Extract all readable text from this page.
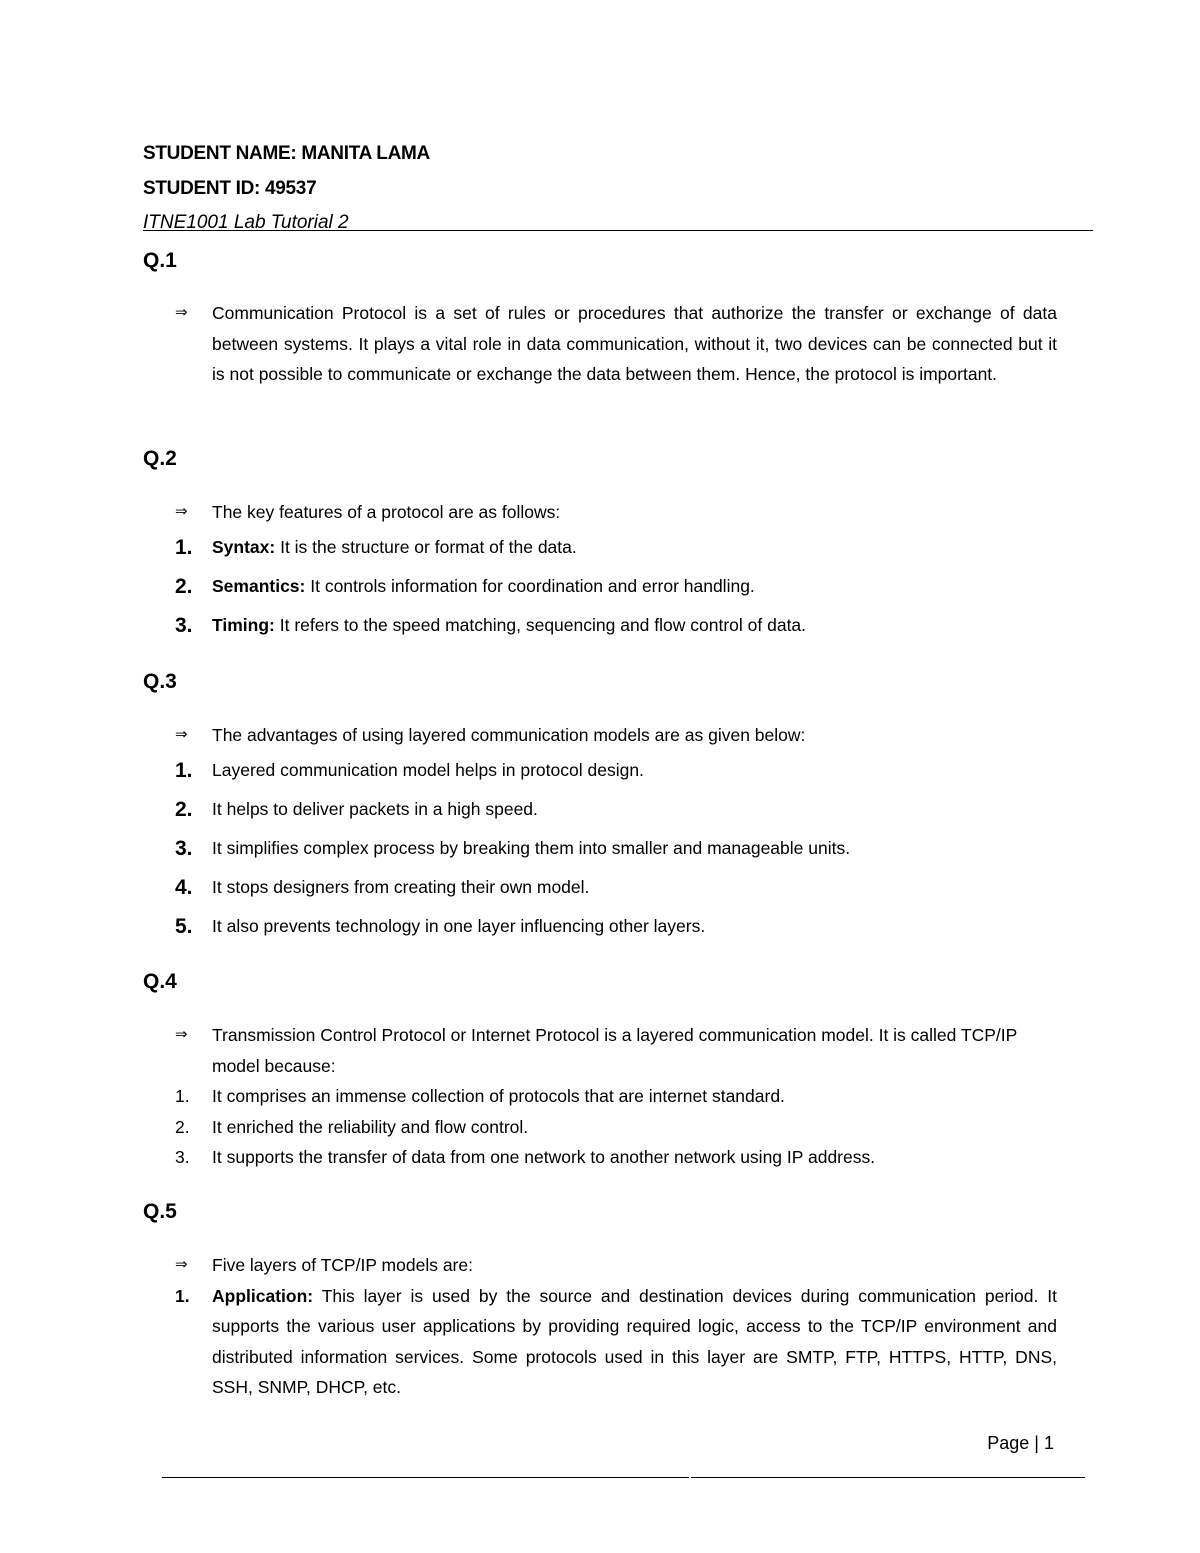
STUDENT NAME: MANITA LAMA
STUDENT ID: 49537
ITNE1001 Lab Tutorial 2
Q.1
⇒	Communication Protocol is a set of rules or procedures that authorize the transfer or exchange of data between systems. It plays a vital role in data communication, without it, two devices can be connected but it is not possible to communicate or exchange the data between them. Hence, the protocol is important.
Q.2
⇒	The key features of a protocol are as follows:
1.	Syntax: It is the structure or format of the data.
2.	Semantics: It controls information for coordination and error handling.
3.	Timing: It refers to the speed matching, sequencing and flow control of data.
Q.3
⇒	The advantages of using layered communication models are as given below:
1.	Layered communication model helps in protocol design.
2.	It helps to deliver packets in a high speed.
3.	It simplifies complex process by breaking them into smaller and manageable units.
4.	It stops designers from creating their own model.
5.	It also prevents technology in one layer influencing other layers.
Q.4
⇒	Transmission Control Protocol or Internet Protocol is a layered communication model. It is called TCP/IP model because:
1.	It comprises an immense collection of protocols that are internet standard.
2.	It enriched the reliability and flow control.
3.	It supports the transfer of data from one network to another network using IP address.
Q.5
⇒	Five layers of TCP/IP models are:
1.	Application: This layer is used by the source and destination devices during communication period. It supports the various user applications by providing required logic, access to the TCP/IP environment and distributed information services. Some protocols used in this layer are SMTP, FTP, HTTPS, HTTP, DNS, SSH, SNMP, DHCP, etc.
Page | 1
